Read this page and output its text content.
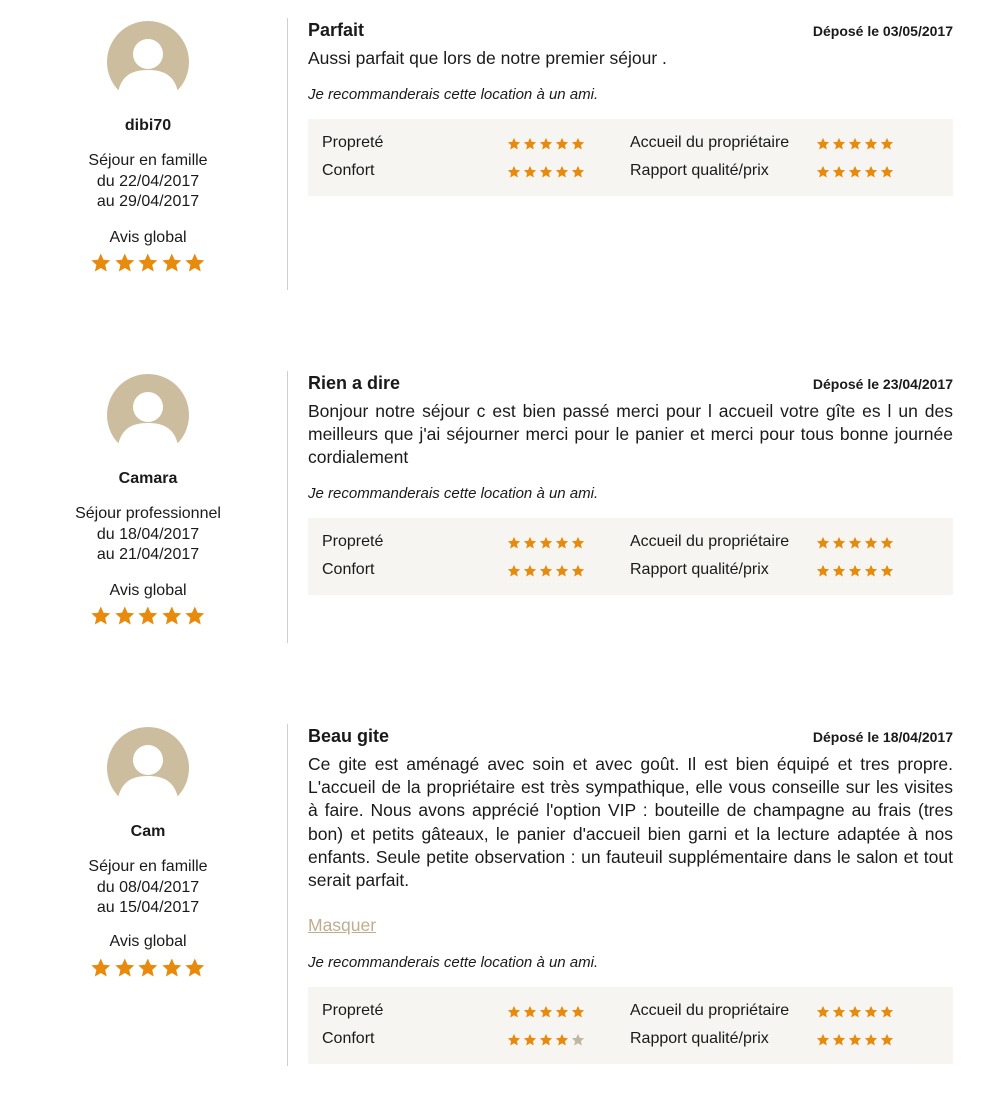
dibi70
Séjour en famille
du 22/04/2017
au 29/04/2017
Avis global
Parfait	Déposé le 03/05/2017
Aussi parfait que lors de notre premier séjour .
Je recommanderais cette location à un ami.
Propreté	Accueil du propriétaire
Confort	Rapport qualité/prix
Camara
Séjour professionnel
du 18/04/2017
au 21/04/2017
Avis global
Rien a dire	Déposé le 23/04/2017
Bonjour notre séjour c est bien passé merci pour l accueil votre gîte es l un des meilleurs que j'ai séjourner merci pour le panier et merci pour tous bonne journée cordialement
Je recommanderais cette location à un ami.
Propreté	Accueil du propriétaire
Confort	Rapport qualité/prix
Cam
Séjour en famille
du 08/04/2017
au 15/04/2017
Avis global
Beau gite	Déposé le 18/04/2017
Ce gite est aménagé avec soin et avec goût. Il est bien équipé et tres propre. L'accueil de la propriétaire est très sympathique, elle vous conseille sur les visites à faire. Nous avons apprécié l'option VIP : bouteille de champagne au frais (tres bon) et petits gâteaux, le panier d'accueil bien garni et la lecture adaptée à nos enfants. Seule petite observation : un fauteuil supplémentaire dans le salon et tout serait parfait.
Masquer
Je recommanderais cette location à un ami.
Propreté	Accueil du propriétaire
Confort	Rapport qualité/prix
